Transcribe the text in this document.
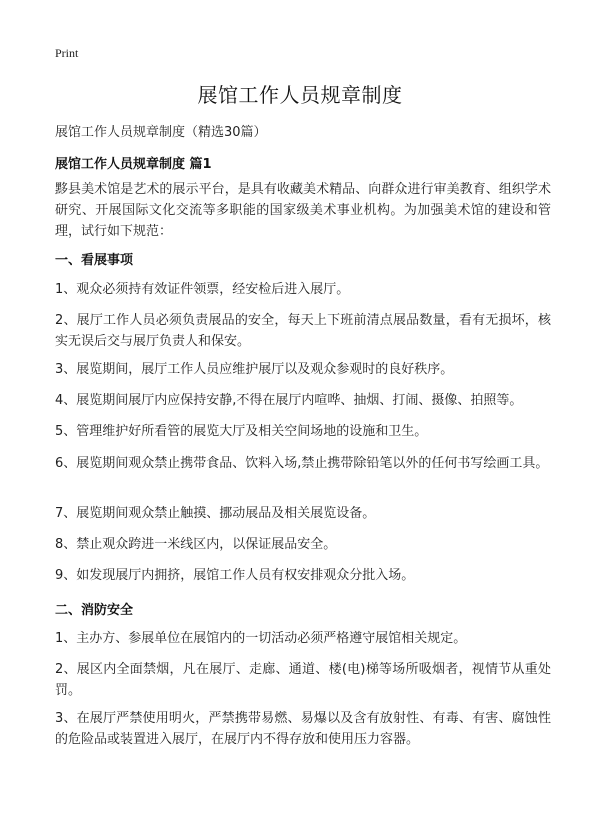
Print
展馆工作人员规章制度
展馆工作人员规章制度（精选30篇）
展馆工作人员规章制度 篇1

黟县美术馆是艺术的展示平台，是具有收藏美术精品、向群众进行审美教育、组织学术研究、开展国际文化交流等多职能的国家级美术事业机构。为加强美术馆的建设和管理，试行如下规范：

一、看展事项

1、观众必须持有效证件领票，经安检后进入展厅。

2、展厅工作人员必须负责展品的安全，每天上下班前清点展品数量，看有无损坏，核实无误后交与展厅负责人和保安。

3、展览期间，展厅工作人员应维护展厅以及观众参观时的良好秩序。

4、展览期间展厅内应保持安静,不得在展厅内喧哗、抽烟、打闹、摄像、拍照等。

5、管理维护好所看管的展览大厅及相关空间场地的设施和卫生。

6、展览期间观众禁止携带食品、饮料入场,禁止携带除铅笔以外的任何书写绘画工具。

7、展览期间观众禁止触摸、挪动展品及相关展览设备。

8、禁止观众跨进一米线区内，以保证展品安全。

9、如发现展厅内拥挤，展馆工作人员有权安排观众分批入场。

二、消防安全

1、主办方、参展单位在展馆内的一切活动必须严格遵守展馆相关规定。

2、展区内全面禁烟，凡在展厅、走廊、通道、楼(电)梯等场所吸烟者，视情节从重处罚。

3、在展厅严禁使用明火，严禁携带易燃、易爆以及含有放射性、有毒、有害、腐蚀性的危险品或装置进入展厅，在展厅内不得存放和使用压力容器。
